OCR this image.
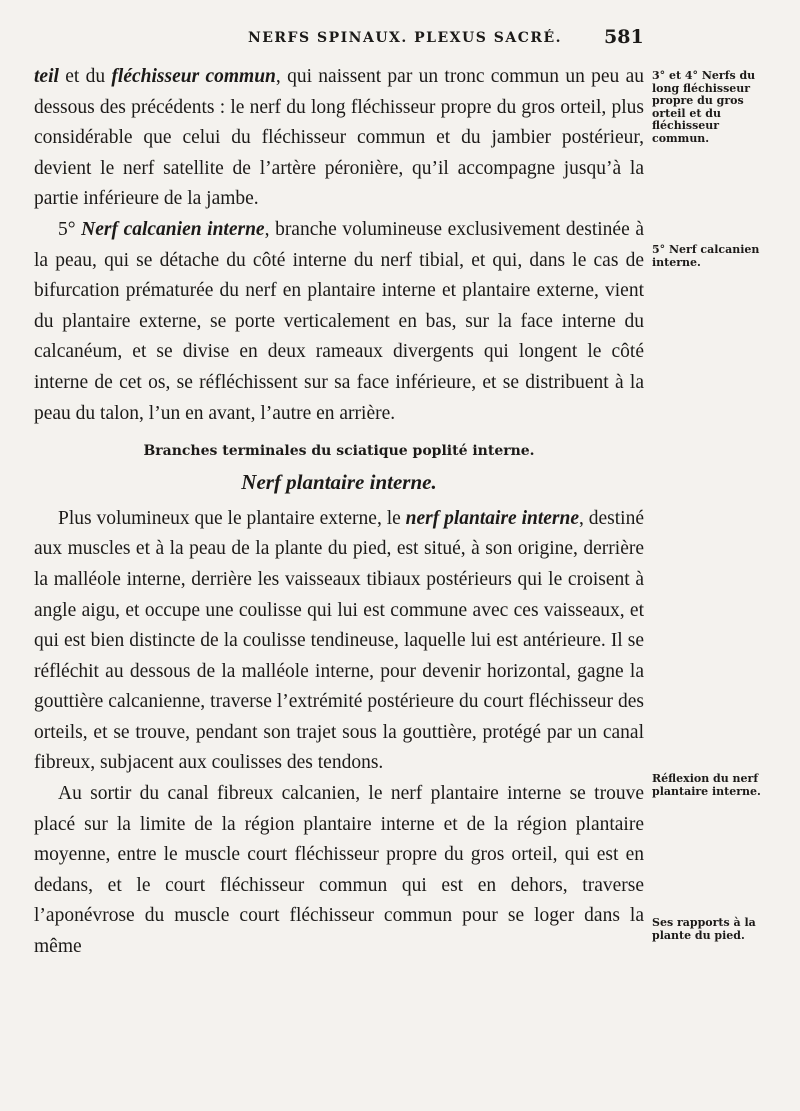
NERFS SPINAUX. PLEXUS SACRÉ.	581

teil et du fléchisseur commun, qui naissent par un tronc commun un peu au dessous des précédents : le nerf du long fléchisseur propre du gros orteil, plus considérable que celui du fléchisseur commun et du jambier postérieur, devient le nerf satellite de l’artère péronière, qu’il accompagne jusqu’à la partie inférieure de la jambe.

5° Nerf calcanien interne, branche volumineuse exclusivement destinée à la peau, qui se détache du côté interne du nerf tibial, et qui, dans le cas de bifurcation prématurée du nerf en plantaire interne et plantaire externe, vient du plantaire externe, se porte verticalement en bas, sur la face interne du calcanéum, et se divise en deux rameaux divergents qui longent le côté interne de cet os, se réfléchissent sur sa face inférieure, et se distribuent à la peau du talon, l’un en avant, l’autre en arrière.

Branches terminales du sciatique poplité interne.

Nerf plantaire interne.

Plus volumineux que le plantaire externe, le nerf plantaire interne, destiné aux muscles et à la peau de la plante du pied, est situé, à son origine, derrière la malléole interne, derrière les vaisseaux tibiaux postérieurs qui le croisent à angle aigu, et occupe une coulisse qui lui est commune avec ces vaisseaux, et qui est bien distincte de la coulisse tendineuse, laquelle lui est antérieure. Il se réfléchit au dessous de la malléole interne, pour devenir horizontal, gagne la gouttière calcanienne, traverse l’extrémité postérieure du court fléchisseur des orteils, et se trouve, pendant son trajet sous la gouttière, protégé par un canal fibreux, subjacent aux coulisses des tendons.

Au sortir du canal fibreux calcanien, le nerf plantaire interne se trouve placé sur la limite de la région plantaire interne et de la région plantaire moyenne, entre le muscle court fléchisseur propre du gros orteil, qui est en dedans, et le court fléchisseur commun qui est en dehors, traverse l’aponévrose du muscle court fléchisseur commun pour se loger dans la même

3° et 4° Nerfs du long fléchisseur propre du gros orteil et du fléchisseur commun.
5° Nerf calcanien interne.
Réflexion du nerf plantaire interne.
Ses rapports à la plante du pied.
